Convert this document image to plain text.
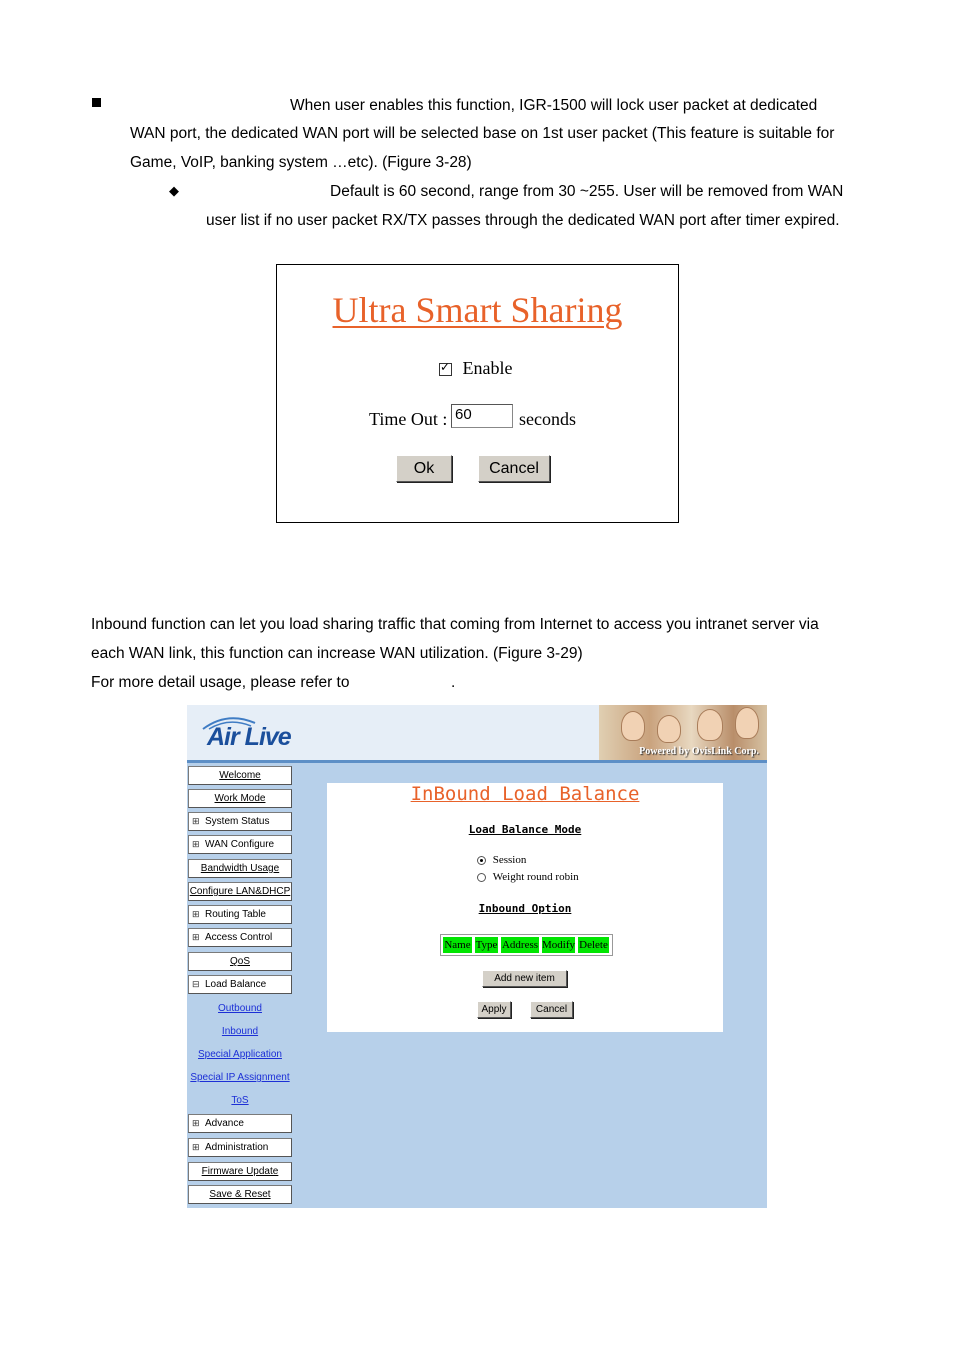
When user enables this function, IGR-1500 will lock user packet at dedicated
WAN port, the dedicated WAN port will be selected base on 1st user packet (This feature is suitable for
Game, VoIP, banking system …etc). (Figure 3-28)
◆	Default is 60 second, range from 30 ~255. User will be removed from WAN
user list if no user packet RX/TX passes through the dedicated WAN port after timer expired.
Ultra Smart Sharing
✓ Enable
Time Out : 60	seconds
Ok	Cancel
Inbound function can let you load sharing traffic that coming from Internet to access you intranet server via
each WAN link, this function can increase WAN utilization. (Figure 3-29)
For more detail usage, please refer to	.
Air Live
Powered by OvisLink Corp.
Welcome
Work Mode
⊞ System Status
⊞ WAN Configure
Bandwidth Usage
Configure LAN&DHCP
⊞ Routing Table
⊞ Access Control
QoS
⊟ Load Balance
Outbound
Inbound
Special Application
Special IP Assignment
ToS
⊞ Advance
⊞ Administration
Firmware Update
Save & Reset
InBound Load Balance
Load Balance Mode
Session
Weight round robin
Inbound Option
Name Type Address Modify Delete
Add new item
Apply	Cancel
